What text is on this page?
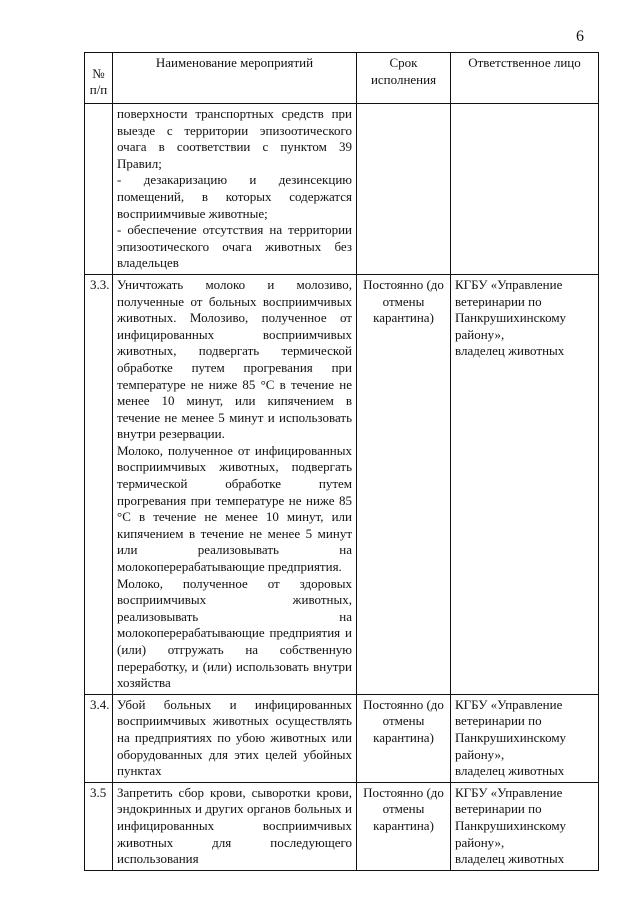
6
№ п/п	Наименование мероприятий	Срок исполнения	Ответственное лицо

	поверхности транспортных средств при выезде с территории эпизоотического очага в соответствии с пунктом 39 Правил;
- дезакаризацию и дезинсекцию помещений, в которых содержатся восприимчивые животные;
- обеспечение отсутствия на территории эпизоотического очага животных без владельцев		

3.3.	Уничтожать молоко и молозиво, полученные от больных восприимчивых животных. Молозиво, полученное от инфицированных восприимчивых животных, подвергать термической обработке путем прогревания при температуре не ниже 85 °С в течение не менее 10 минут, или кипячением в течение не менее 5 минут и использовать внутри резервации.
Молоко, полученное от инфицированных восприимчивых животных, подвергать термической обработке путем прогревания при температуре не ниже 85 °С в течение не менее 10 минут, или кипячением в течение не менее 5 минут или реализовывать на молокоперерабатывающие предприятия.
Молоко, полученное от здоровых восприимчивых животных, реализовывать на молокоперерабатывающие предприятия и (или) отгружать на собственную переработку, и (или) использовать внутри хозяйства	Постоянно (до отмены карантина)	КГБУ «Управление ветеринарии по Панкрушихинскому району»,
владелец животных

3.4.	Убой больных и инфицированных восприимчивых животных осуществлять на предприятиях по убою животных или оборудованных для этих целей убойных пунктах	Постоянно (до отмены карантина)	КГБУ «Управление ветеринарии по Панкрушихинскому району»,
владелец животных

3.5	Запретить сбор крови, сыворотки крови, эндокринных и других органов больных и инфицированных восприимчивых животных для последующего использования	Постоянно (до отмены карантина)	КГБУ «Управление ветеринарии по Панкрушихинскому району»,
владелец животных
